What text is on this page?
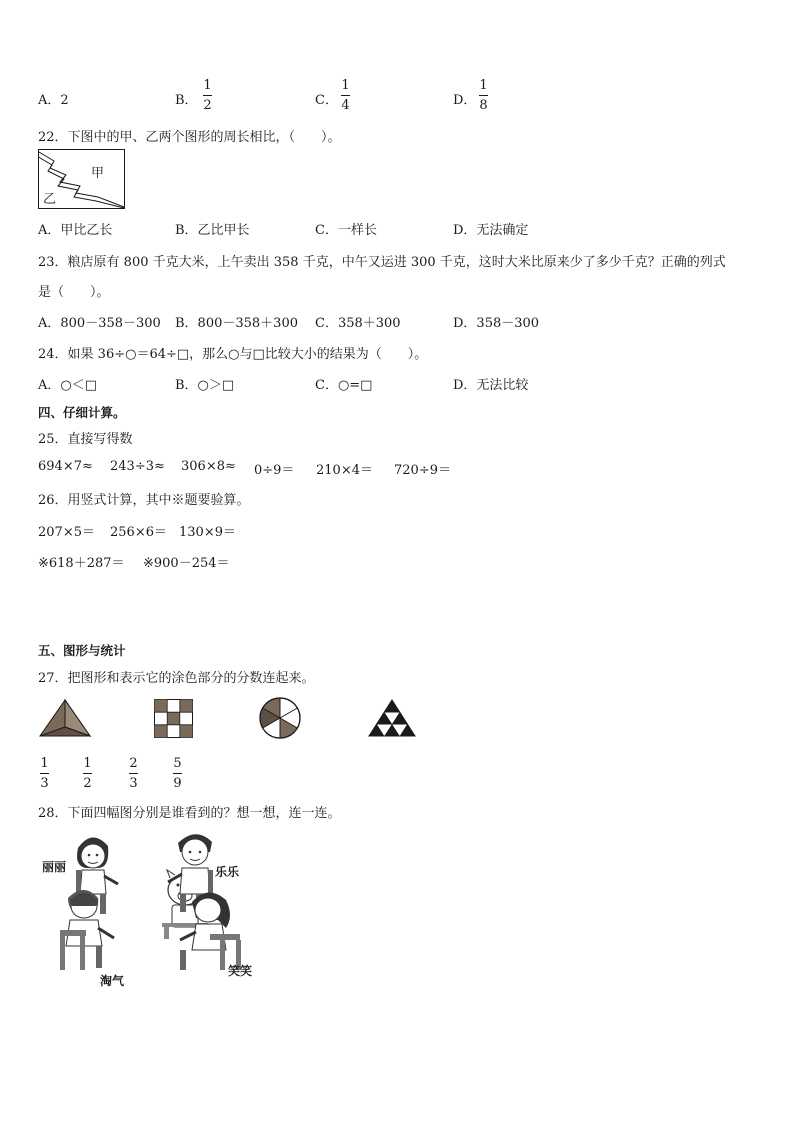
A．2	B．
1
2	C．
1
4	D．
1
8
22．下图中的甲、乙两个图形的周长相比，（　　）。
甲
乙
A．甲比乙长	B．乙比甲长	C．一样长	D．无法确定
23．粮店原有 800 千克大米，上午卖出 358 千克，中午又运进 300 千克，这时大米比原来少了多少千克？正确的列式
是（　　）。
A．800－358－300 B．800－358＋300 C．358＋300	D．358－300
24．如果 36÷○＝64÷□，那么○与□比较大小的结果为（　　）。
A．○＜□	B．○＞□	C．○=□	D．无法比较
四、仔细计算。
25．直接写得数
694×7≈ 243÷3≈ 306×8≈ 0÷9＝ 210×4＝ 720÷9＝
26．用竖式计算，其中※题要验算。
207×5＝ 256×6＝ 130×9＝
※618＋287＝ ※900－254＝
五、图形与统计
27．把图形和表示它的涂色部分的分数连起来。
1
3
1
2
2
3
5
9
28．下面四幅图分别是谁看到的？想一想，连一连。
丽丽	乐乐
淘气
笑笑
